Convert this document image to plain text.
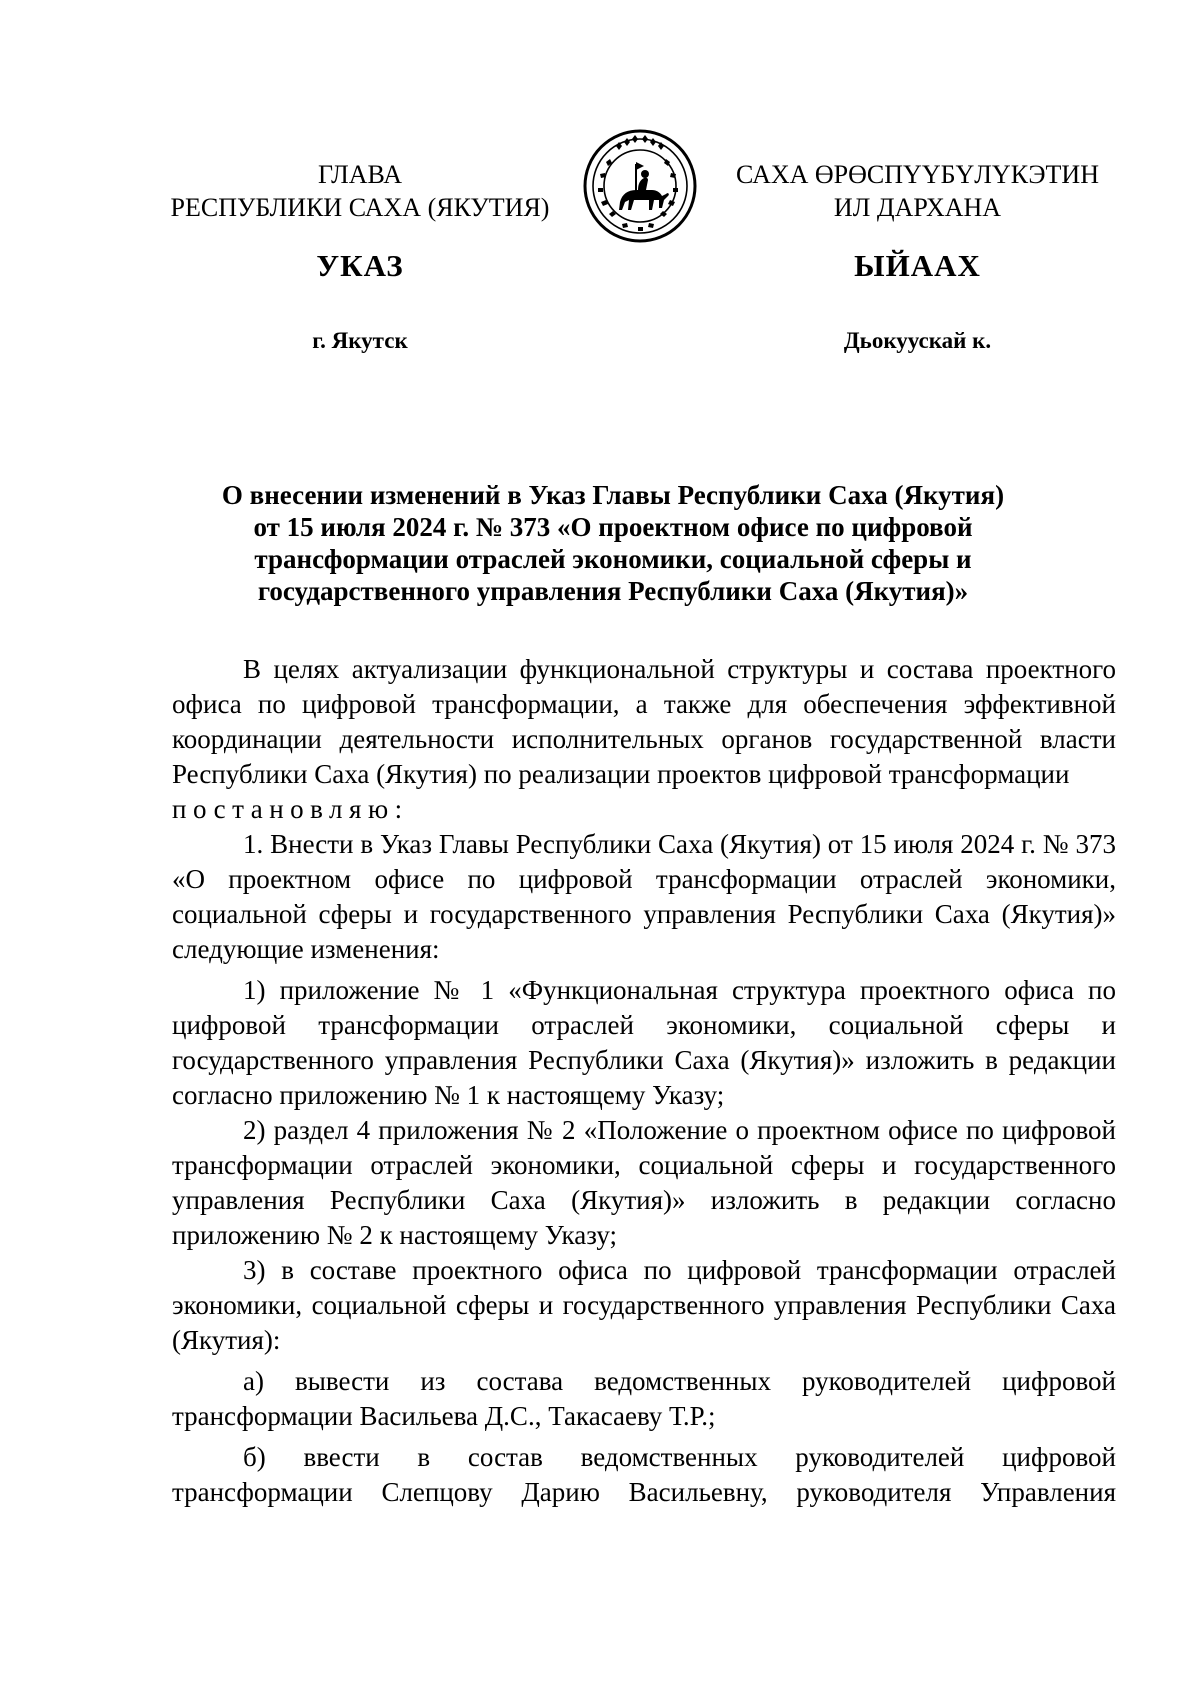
ГЛАВА
РЕСПУБЛИКИ САХА (ЯКУТИЯ)
САХА ӨРӨСПҮҮБҮЛҮКЭТИН
ИЛ ДАРХАНА
УКАЗ	ЫЙААХ
г. Якутск	Дьокуускай к.
О внесении изменений в Указ Главы Республики Саха (Якутия)
от 15 июля 2024 г. № 373 «О проектном офисе по цифровой
трансформации отраслей экономики, социальной сферы и
государственного управления Республики Саха (Якутия)»

В целях актуализации функциональной структуры и состава проектного офиса по цифровой трансформации, а также для обеспечения эффективной координации деятельности исполнительных органов государственной власти Республики Саха (Якутия) по реализации проектов цифровой трансформации

постановляю:

1. Внести в Указ Главы Республики Саха (Якутия) от 15 июля 2024 г. № 373 «О проектном офисе по цифровой трансформации отраслей экономики, социальной сферы и государственного управления Республики Саха (Якутия)» следующие изменения:

1) приложение № 1 «Функциональная структура проектного офиса по цифровой трансформации отраслей экономики, социальной сферы и государственного управления Республики Саха (Якутия)» изложить в редакции согласно приложению № 1 к настоящему Указу;

2) раздел 4 приложения № 2 «Положение о проектном офисе по цифровой трансформации отраслей экономики, социальной сферы и государственного управления Республики Саха (Якутия)» изложить в редакции согласно приложению № 2 к настоящему Указу;

3) в составе проектного офиса по цифровой трансформации отраслей экономики, социальной сферы и государственного управления Республики Саха (Якутия):

а) вывести из состава ведомственных руководителей цифровой трансформации Васильева Д.С., Такасаеву Т.Р.;

б) ввести в состав ведомственных руководителей цифровой трансформации Слепцову Дарию Васильевну, руководителя Управления
